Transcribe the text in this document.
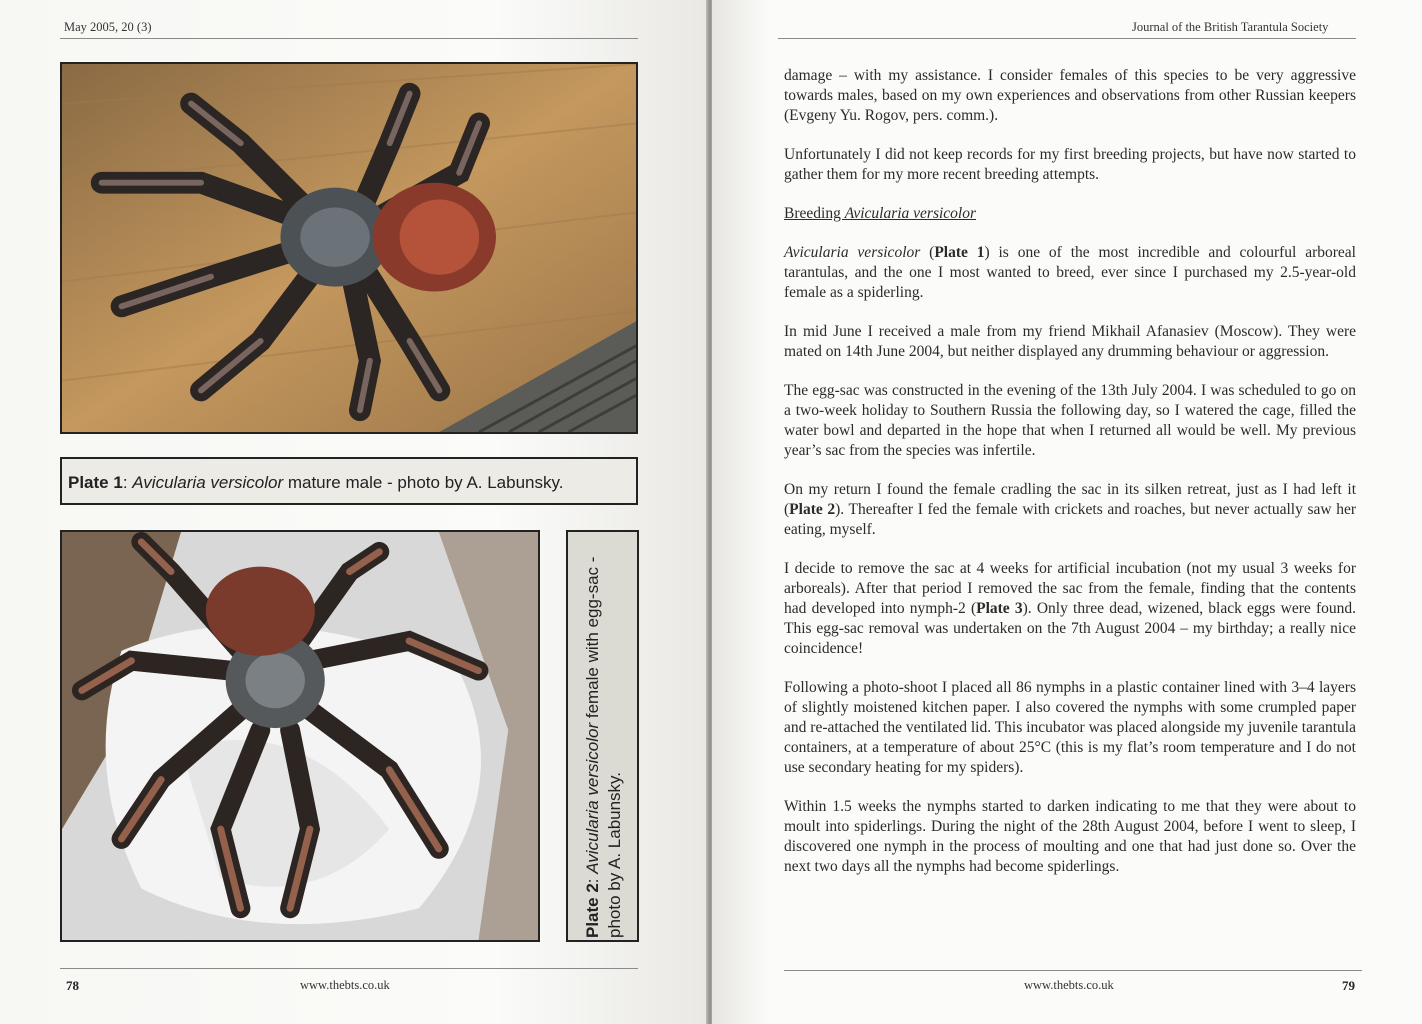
May 2005, 20 (3)
Plate 1: Avicularia versicolor mature male - photo by A. Labunsky.
Plate 2: Avicularia versicolor female with egg-sac - photo by A. Labunsky.
78	www.thebts.co.uk
Journal of the British Tarantula Society

damage – with my assistance. I consider females of this species to be very aggressive towards males, based on my own experiences and observations from other Russian keepers (Evgeny Yu. Rogov, pers. comm.).

Unfortunately I did not keep records for my first breeding projects, but have now started to gather them for my more recent breeding attempts.

Breeding Avicularia versicolor

Avicularia versicolor (Plate 1) is one of the most incredible and colourful arboreal tarantulas, and the one I most wanted to breed, ever since I purchased my 2.5-year-old female as a spiderling.

In mid June I received a male from my friend Mikhail Afanasiev (Moscow). They were mated on 14th June 2004, but neither displayed any drumming behaviour or aggression.

The egg-sac was constructed in the evening of the 13th July 2004. I was scheduled to go on a two-week holiday to Southern Russia the following day, so I watered the cage, filled the water bowl and departed in the hope that when I returned all would be well. My previous year’s sac from the species was infertile.

On my return I found the female cradling the sac in its silken retreat, just as I had left it (Plate 2). Thereafter I fed the female with crickets and roaches, but never actually saw her eating, myself.

I decide to remove the sac at 4 weeks for artificial incubation (not my usual 3 weeks for arboreals). After that period I removed the sac from the female, finding that the contents had developed into nymph-2 (Plate 3). Only three dead, wizened, black eggs were found. This egg-sac removal was undertaken on the 7th August 2004 – my birthday; a really nice coincidence!

Following a photo-shoot I placed all 86 nymphs in a plastic container lined with 3–4 layers of slightly moistened kitchen paper. I also covered the nymphs with some crumpled paper and re-attached the ventilated lid. This incubator was placed alongside my juvenile tarantula containers, at a temperature of about 25°C (this is my flat’s room temperature and I do not use secondary heating for my spiders).

Within 1.5 weeks the nymphs started to darken indicating to me that they were about to moult into spiderlings. During the night of the 28th August 2004, before I went to sleep, I discovered one nymph in the process of moulting and one that had just done so. Over the next two days all the nymphs had become spiderlings.

www.thebts.co.uk	79
